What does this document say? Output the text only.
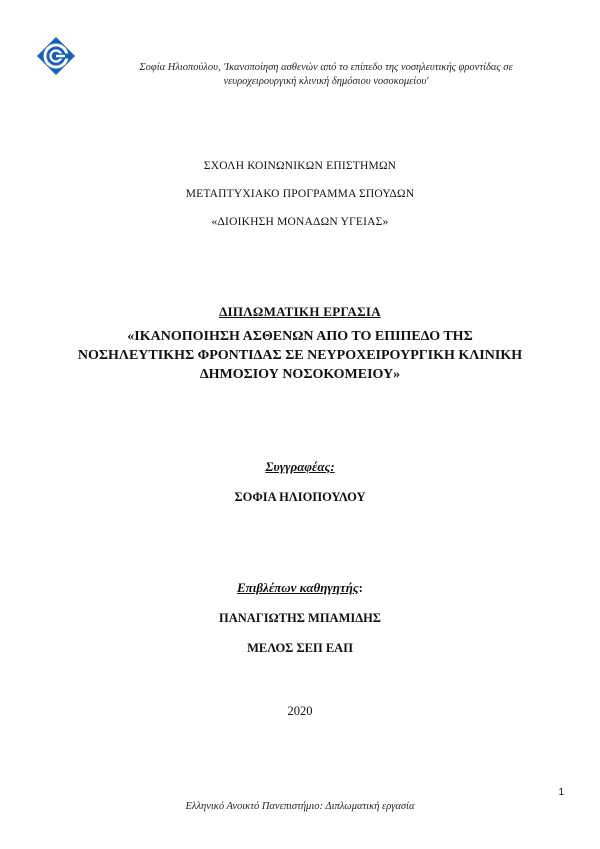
Σοφία Ηλιοπούλου, 'Ικανοποίηση ασθενών από το επίπεδο της νοσηλευτικής φροντίδας σε
νευροχειρουργική κλινική δημόσιου νοσοκομείου'
ΣΧΟΛΗ ΚΟΙΝΩΝΙΚΩΝ ΕΠΙΣΤΗΜΩΝ
ΜΕΤΑΠΤΥΧΙΑΚΟ ΠΡΟΓΡΑΜΜΑ ΣΠΟΥΔΩΝ
«ΔΙΟΙΚΗΣΗ ΜΟΝΑΔΩΝ ΥΓΕΙΑΣ»
ΔΙΠΛΩΜΑΤΙΚΗ ΕΡΓΑΣΙΑ
«ΙΚΑΝΟΠΟΙΗΣΗ ΑΣΘΕΝΩΝ ΑΠΟ ΤΟ ΕΠΙΠΕΔΟ ΤΗΣ
ΝΟΣΗΛΕΥΤΙΚΗΣ ΦΡΟΝΤΙΔΑΣ ΣΕ ΝΕΥΡΟΧΕΙΡΟΥΡΓΙΚΗ ΚΛΙΝΙΚΗ
ΔΗΜΟΣΙΟΥ ΝΟΣΟΚΟΜΕΙΟΥ»
Συγγραφέας:
ΣΟΦΙΑ ΗΛΙΟΠΟΥΛΟΥ
Επιβλέπων καθηγητής:
ΠΑΝΑΓΙΩΤΗΣ ΜΠΑΜΙΔΗΣ
ΜΕΛΟΣ ΣΕΠ ΕΑΠ
2020
1
Ελληνικό Ανοικτό Πανεπιστήμιο: Διπλωματική εργασία
